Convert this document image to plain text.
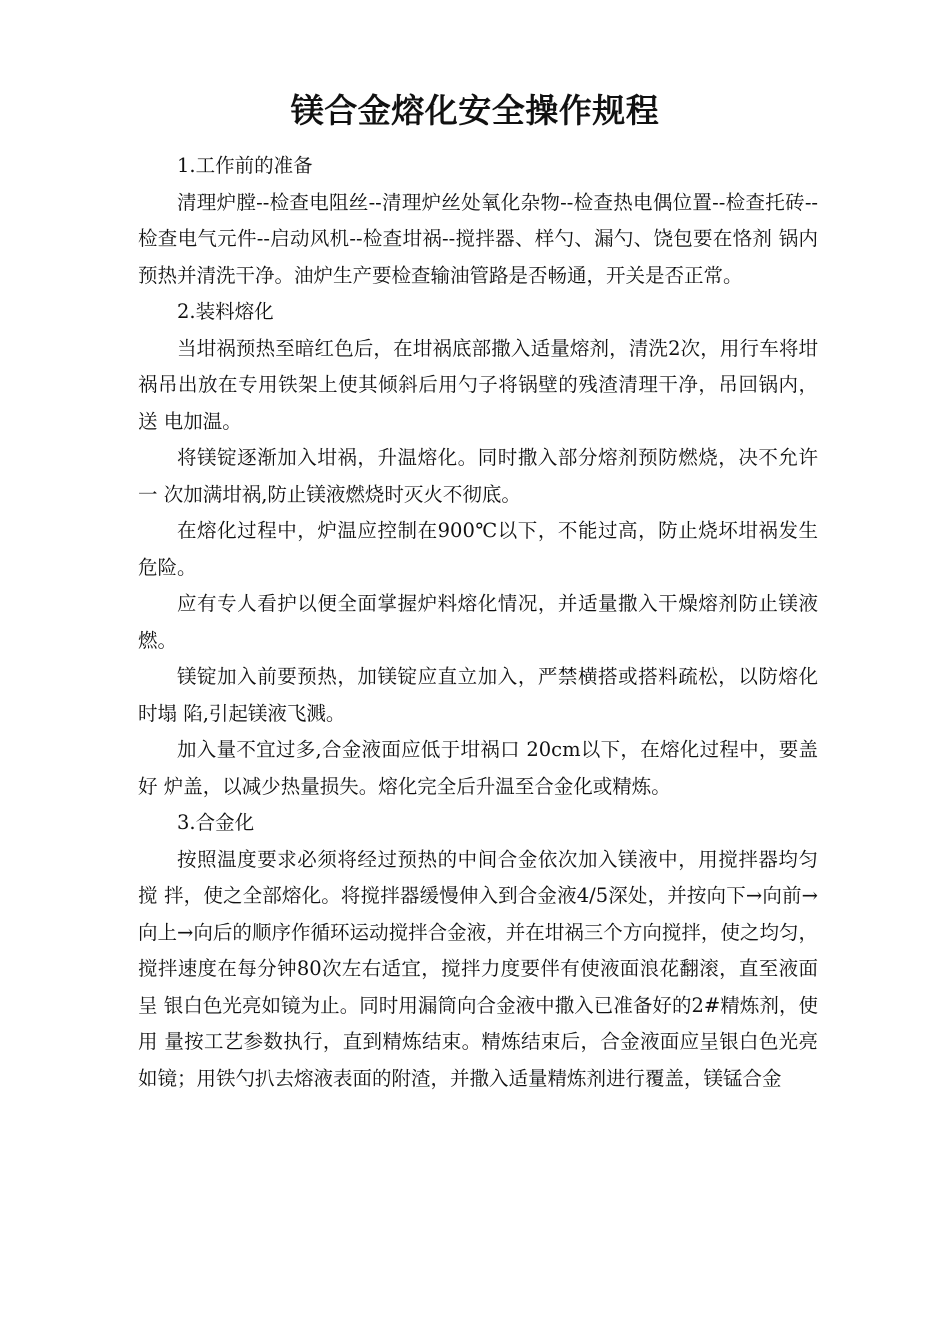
镁合金熔化安全操作规程

1.工作前的准备

清理炉膛--检查电阻丝--清理炉丝处氧化杂物--检查热电偶位置--检查托砖--检查电气元件--启动风机--检查坩祸--搅拌器、样勺、漏勺、饶包要在恪剂 锅内预热并清洗干净。油炉生产要检查输油管路是否畅通，开关是否正常。

2.装料熔化

当坩祸预热至暗红色后，在坩祸底部撒入适量熔剂，清洗2次，用行车将坩 祸吊出放在专用铁架上使其倾斜后用勺子将锅壁的残渣清理干净，吊回锅内，送 电加温。

将镁锭逐渐加入坩祸，升温熔化。同时撒入部分熔剂预防燃烧，决不允许一 次加满坩祸,防止镁液燃烧时灭火不彻底。

在熔化过程中，炉温应控制在900℃以下，不能过高，防止烧坏坩祸发生危险。

应有专人看护以便全面掌握炉料熔化情况，并适量撒入干燥熔剂防止镁液燃。

镁锭加入前要预热，加镁锭应直立加入，严禁横搭或搭料疏松，以防熔化时塌 陷,引起镁液飞溅。

加入量不宜过多,合金液面应低于坩祸口 20cm以下，在熔化过程中，要盖好 炉盖，以减少热量损失。熔化完全后升温至合金化或精炼。

3.合金化

按照温度要求必须将经过预热的中间合金依次加入镁液中，用搅拌器均匀搅 拌，使之全部熔化。将搅拌器缓慢伸入到合金液4/5深处，并按向下→向前→向上→向后的顺序作循环运动搅拌合金液，并在坩祸三个方向搅拌，使之均匀，搅拌速度在每分钟80次左右适宜，搅拌力度要伴有使液面浪花翻滚，直至液面呈 银白色光亮如镜为止。同时用漏筒向合金液中撒入已准备好的2#精炼剂，使用 量按工艺参数执行，直到精炼结束。精炼结束后，合金液面应呈银白色光亮如镜；用铁勺扒去熔液表面的附渣，并撒入适量精炼剂进行覆盖，镁锰合金
